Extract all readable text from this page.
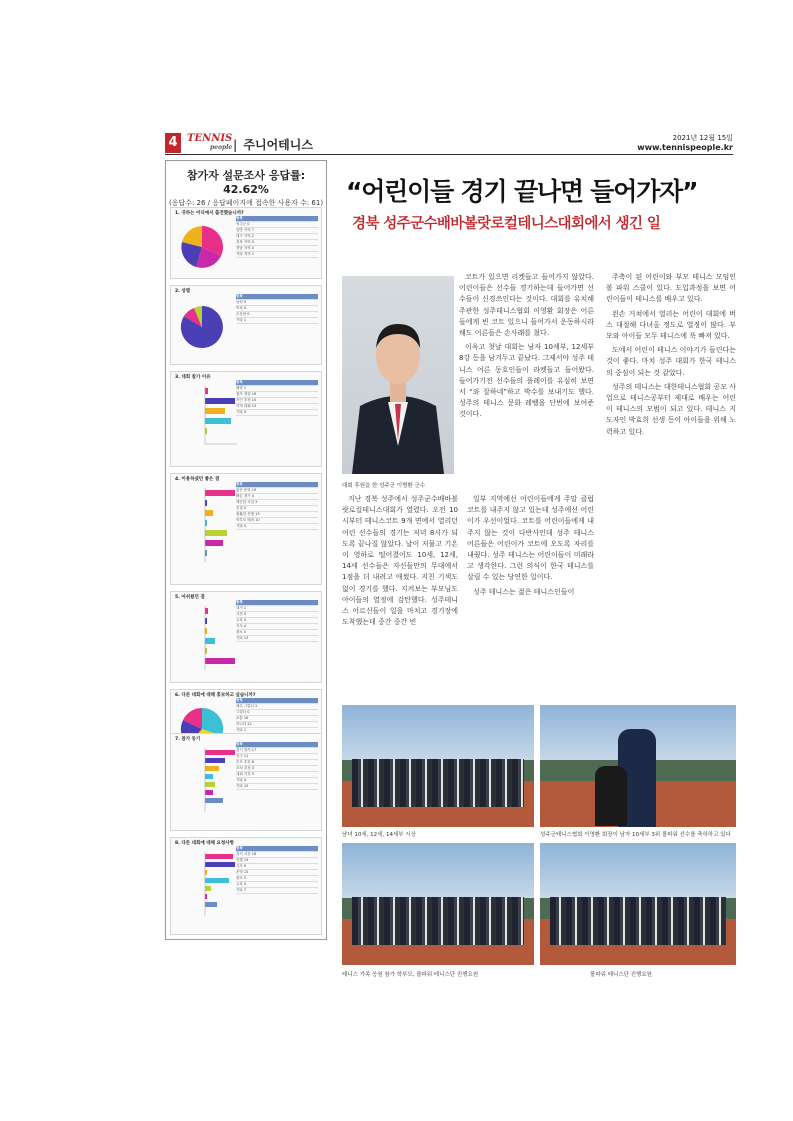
4 TENNIS
people
| 주니어테니스	2021년 12월 15일
www.tennispeople.kr
참가자 설문조사 응답률: 42.62%
(응답수: 26 / 응답페이지에 접속한 사용자 수: 61)
1. 귀하는 어디에서 출전했습니까?
항목
성주군 0
일반 지역 7
대구 지역 2
경북 지역 0
경남 지역 0
기타 지역 1
2. 성별
항목
남성 0
여성 0
무응답 0
기타 1
3. 대회 참가 이유
항목
랭킹 1
참가 경험 16
지인 추천 10
지역 대회 13
기타 0
4. 이용하셨던 좋은 점
항목
좋은 운영 19
빠른 경기 0
깨끗한 시설 3
친절 0
원활한 진행 13
학부모 배려 10
기타 0
5. 아쉬웠던 점
항목
대기 1
시간 0
주차 0
식사 4
장소 0
기타 13
6. 다른 대회에 대해 홍보하고 싶습니까?
항목
매우 그렇다 2
그렇다 0
보통 16
아니다 12
기타 1
7. 참가 동기
항목
경기 참가 17
친구 11
부모 추천 8
코치 추천 4
대회 기록 5
기타 4
기타 10
8. 다른 대회에 대해 요청사항
항목
경기 시간 18
진행 19
식사 0
운영 15
장소 3
주차 0
기타 7
“어린이들 경기 끝나면 들어가자”
경북 성주군수배바볼랏로컬테니스대회에서 생긴 일
대회 후원을 한 성주군 이병환 군수

코트가 있으면 리켓들고 들어가지 않았다. 어린이들은 선수들 경기하는데 들어가면 선수들이 신경쓰인다는 것이다. 대회를 유치해 주관한 성주테니스협회 이영환 회장은 어른들에게 빈 코트 있으니 들어가서 운동하시라해도 어른들은 손사래를 쳤다.

이윽고 첫날 대회는 남자 10세부, 12세부 8강 등을 남겨두고 끝났다. 그제서야 성주 테니스 어른 동호인들이 라켓들고 들어왔다. 들어가기전 선수들의 플레이를 유심히 보면서 “와 잘하네”하고 박수를 보내기도 했다. 성주의 테니스 문화 레벨을 단번에 보여준 것이다.

지난 경북 성주에서 성주군수배바볼랏로컬테니스대회가 열렸다. 오전 10시부터 테니스코트 9개 면에서 열리던 어린 선수들의 경기는 저녁 8시가 되도록 끝나질 않았다. 날이 저물고 기온이 영하로 떨어졌어도 10세, 12세, 14세 선수들은 자신들만의 무대에서 1점을 더 내려고 애썼다. 지친 기색도 없이 경기를 했다. 지켜보는 부모님도 아이들의 열정에 감탄했다. 성주테니스 어르신들이 일을 마치고 경기장에 도착했는데 중간 중간 빈

일부 지역에선 어린이들에게 주말 클럽 코트를 내주지 않고 있는데 성주에선 어린이가 우선이었다. 코트를 어린이들에게 내주지 않는 것이 다반사인데 성주 테니스 어른들은 어린이가 코트에 오도록 자리를 내줬다. 성주 테니스는 어린이들이 미래라고 생각한다. 그런 의식이 한국 테니스를 살릴 수 있는 당연한 일이다.

성주 테니스는 젊은 테니스인들이

주축이 된 어린이와 부모 테니스 모임인 볼 파워 스쿨이 있다. 도입과정을 보면 어린이들이 테니스를 배우고 있다.

왼손 거쳐에서 열리는 어린이 대회에 버스 대절해 다녀올 정도로 열정이 많다. 부모와 아이들 모두 테니스에 푹 빠져 있다.

도에서 어린이 테니스 이야기가 들린다는 것이 좋다. 마치 성주 대회가 한국 테니스의 중심이 되는 것 같았다.

성주의 테니스는 대한테니스협회 공모 사업으로 테니스공부터 제대로 배우는 어린이 테니스의 모범이 되고 있다. 테니스 지도자인 박효희 선생 등이 아이들을 위해 노력하고 있다.

남녀 10세, 12세, 14세부 시상	성주군테니스협회 이영환 회장이 남자 10세부 3위 볼파워 선수를 축하하고 있다
테니스 가족 응원 참가 학부모, 볼파워 테니스단 진행요원	볼파워 테니스단 진행요원
